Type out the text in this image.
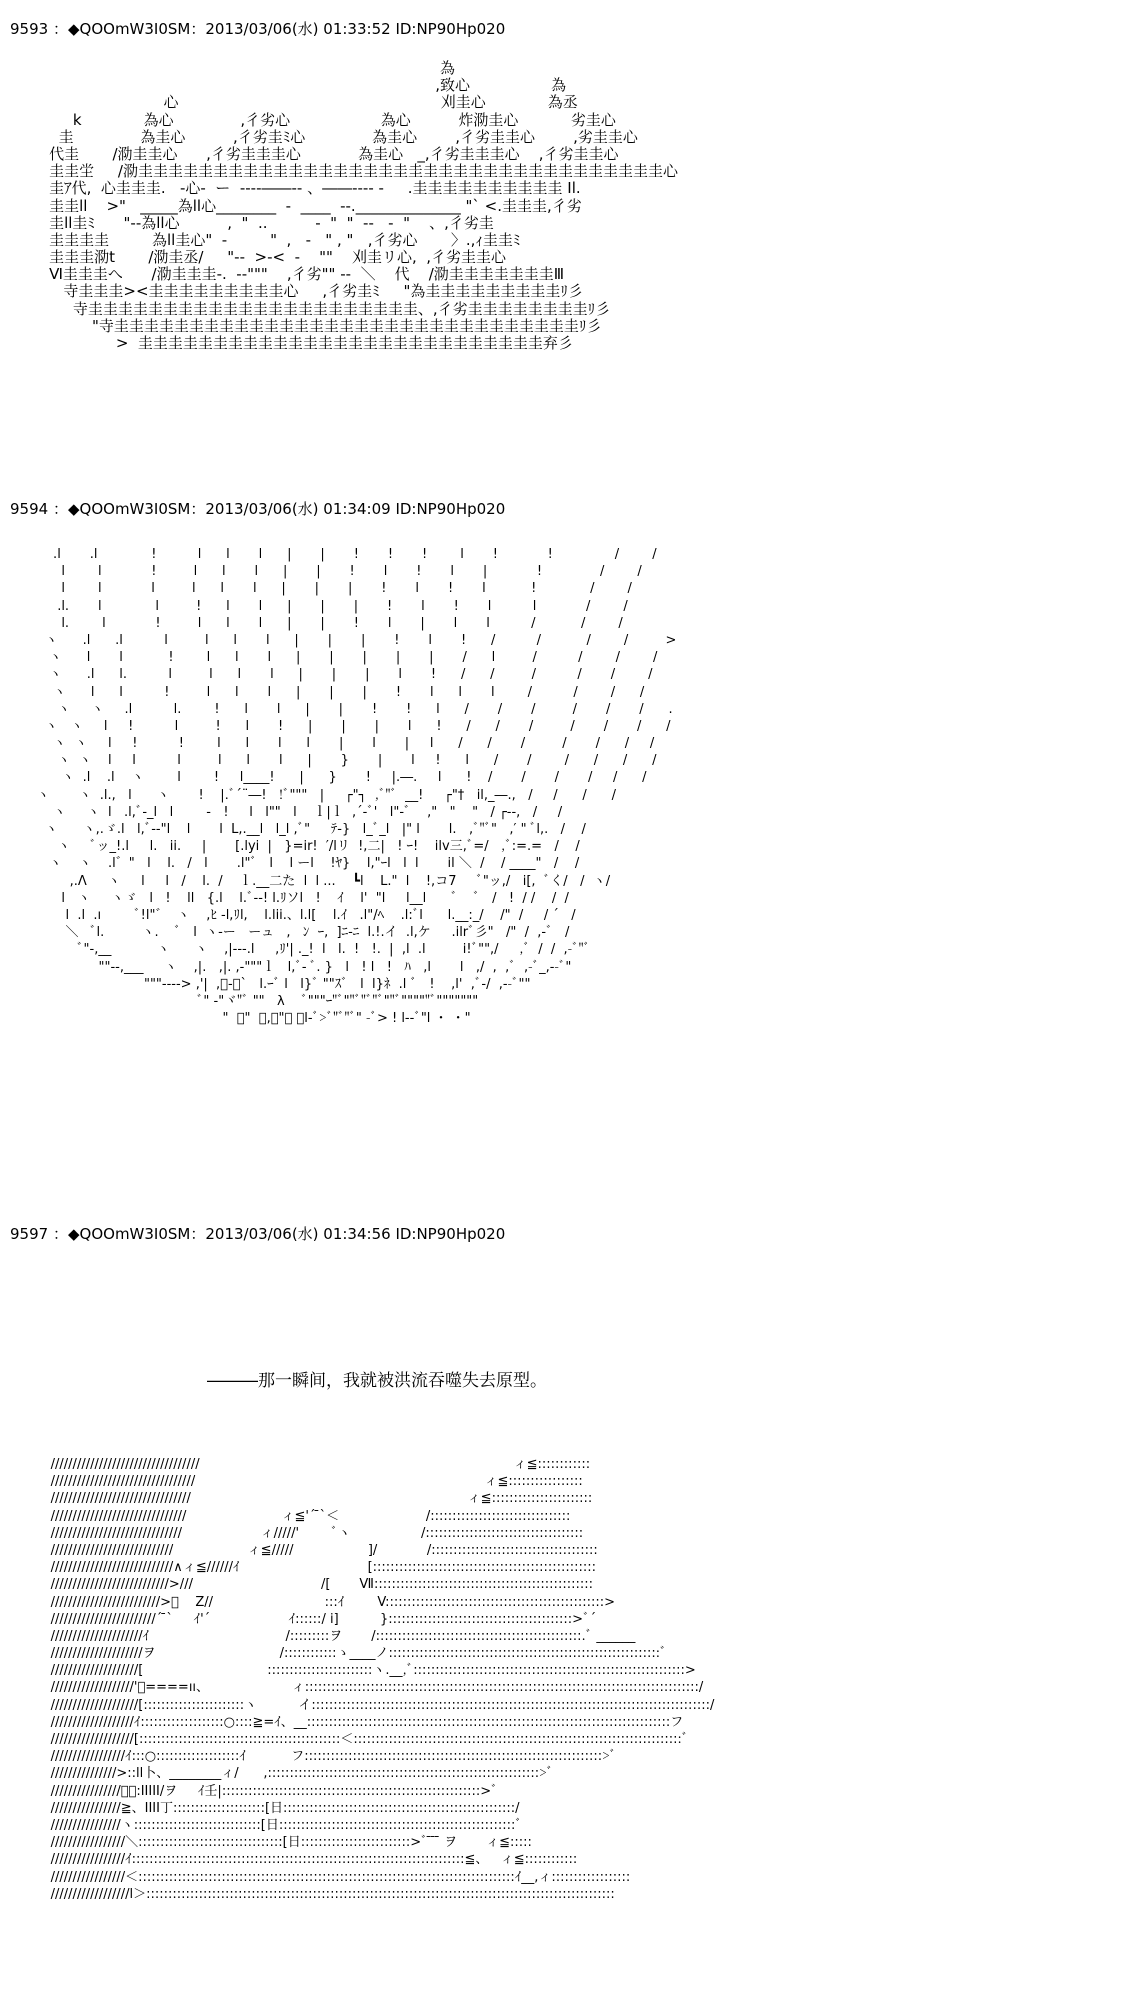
9593 ：◆QOOmW3I0SM：2013/03/06(水) 01:33:52 ID:NP90Hp020
為
,致心                 為
心                                                       刈圭心             為丞
k             為心              ,彳劣心                   為心          炸泐圭心           劣圭心
圭              為圭心          ,彳劣圭ﾐ心              為圭心        ,彳劣圭圭心        ,劣圭圭心
代圭       /泐圭圭心      ,彳劣圭圭圭心            為圭心   _,彳劣圭圭圭心    ,彳劣圭圭心
圭圭坣     /泐圭圭圭圭圭圭圭圭圭圭圭圭圭圭圭圭圭圭圭圭圭圭圭圭圭圭圭圭圭圭圭圭圭圭圭心
圭ｱ代,  心圭圭圭.   -心-  ー  ----――-- 、――---- -     .圭圭圭圭圭圭圭圭圭圭 Il.
圭圭ll    >"   _____為ll心________  -  ____  --.______________ "` <.圭圭圭,彳劣
圭ll圭ﾐ      "--為ll心          ,  "  ..          -  "  "  --   -  "    、,彳劣圭
圭圭圭圭         為ll圭心"  -         "  ,   -   " , "   ,彳劣心       〉.,ｨ圭圭ﾐ
圭圭圭泐t       /泐圭丞/     "--  >-<  -    ""    刈圭リ心,  ,彳劣圭圭心
Ⅵ圭圭圭へ      /泐圭圭圭-.  --"""    ,彳劣"" --  ＼    代    /泐圭圭圭圭圭圭圭Ⅲ
寺圭圭圭><圭圭圭圭圭圭圭圭圭心     ,彳劣圭ﾐ     "為圭圭圭圭圭圭圭圭圭ﾘ彡
寺圭圭圭圭圭圭圭圭圭圭圭圭圭圭圭圭圭圭圭圭圭圭、,彳劣圭圭圭圭圭圭圭圭ﾘ彡
"寺圭圭圭圭圭圭圭圭圭圭圭圭圭圭圭圭圭圭圭圭圭圭圭圭圭圭圭圭圭圭圭ﾘ彡
>  圭圭圭圭圭圭圭圭圭圭圭圭圭圭圭圭圭圭圭圭圭圭圭圭圭圭圭弃彡
9594 ：◆QOOmW3I0SM：2013/03/06(水) 01:34:09 ID:NP90Hp020
.l       .l             !          l      l       l      |       |       !       !       !        l       !            !               /        /
l        l            !         l      l       l      |       |       !       l       !       l       |            !              /        /
l        l            l         l      l       l      |       |       |       !       l       !       l           !             /        /
.l.       l             l         !      l       l      |       |       |       !       l       !       l          l            /        /
l.        l            !         l      l       l      |       |       !       l       |       l       l          /           /        /
ヽ      .l      .l          l         l      l       l      |       |       |       !       l       !      /          /           /        /         >
ヽ      l       l           !        l      l       l      |       |       |       |       |       /      l         /          /        /        /
ヽ      .l      l.          l         l      l       l      |       |       |       l       !      /      /         /          /       /        /
ヽ      l      l          !         l      l       l      |       |       |       !       l      l       l        /          /        /      /
ヽ     ヽ     .l          l.        !      l       l      |       |       !       !      l      /       /       /         /       /       /      .
ヽ   ヽ     l     !          l         !      l       !      |       |       |       l      !      /      /       /         /       /       /      /
ヽ  ヽ     l     !          !        l      l       l      l       |       l       |     l      /      /       /         /       /      /     /
ヽ  ヽ    l     l          l         l      l       l      |       }       |       l     !      l      /       /        /      /      /      /
ヽ  .l    .l    ヽ        l        !     l____!      |      }       !     |.―.     l      !    /       /       /       /     /      /
ヽ       ヽ  .l.,   l      ヽ       !    |.ﾞ´¨―!   !ﾞ"""   |     ┌"┐  ,ﾞ"ﾞ  __!     ┌"†   il,_―.,   /     /      /      /
ヽ     ヽ  l   .l,ﾞ-_l   l        ‐   !     l   l""   l    ｌ|ｌ  ,´-ﾞ'   l"-ﾞ    ,"   "    "   / ┌--,   /     /
ヽ      ヽ,.ゞ.l   l,ﾞ-‐"l    l       l  L,.__l   l_l ,ﾞ"     ﾃ-}   l_ﾞ_l   |" l       l.   ,ﾞ"ﾞ"   ,′ " ﾞl,.   /    /
ヽ     ﾞッ_!.l     l.   ii.     |       [.lyi  |   }=ir!  ′/lリ  !,二|   ! ｰ!    ilv三,ﾞ=/   ,ﾞ:=.=   /    /
ヽ    ヽ    .l゛"   l    l.   /   l       .l"ﾞ   l    l ーl    !ﾔ}    l,"ｰl   l  l       il ＼  /    / ____"   /    /
,.Λ     ヽ     l     l   /    l.  /    ｌ.__二た  l  l ...    ┗l    L."  l    !,コ7     ﾞ"ッ,/   i[,  ﾞく/   /  ヽ/
l   ヽ     ヽゞ   l   !    ll   {.l    l.ﾞ‐-! l.ﾘソl   !    ｲ    l'  "l     l__l      ﾞ    ﾞ   /   !  / /    /  /
l  .l  .ı        ﾞ!l"゛  ヽ    ,ﾋ ‐l,ﾘl,    l.lii.、l.l[    l.ｲ   .l"/ﾍ    .l:ﾞl      l.__:_/    /"  /     / ´   /
＼   ﾞl.         ヽ.    ﾞ   l  ヽ-ー   ーュ   ,   ﾝ  ｰ,  ]ﾆ-ﾆ  l.!.イ  .l,ケ     .ilrﾞ彡"   /"  /  ,-ﾞ   /
ﾞ"-,__           ヽ      ヽ    ,|--‐.l     ,ﾘ'| ._!  l   l.  !   !.  |  ,l  .l         i!ﾞ"",/     ,ﾞ  /  /  ,-ﾞ"ﾞ
""--,___     ヽ    ,|.   ,|. ,-"""ｌ   l,ﾞ- ﾞ. }   l   ! l   !   ﾊ   ,l       l   ,/  ,  ,ﾞ  ,-ﾞ_,--ﾞ"
"""---‐> ,'|  ,ﾞ-ー`   l.ｰﾞ l   l}ﾞ ""ｽﾞ   l  l}ﾈ  .l ﾞ   !    ,l'  ,ﾞ-/  ,--ﾞ""
ﾞ" ‐"ヾ"ﾞ ""   λ    ﾞ"""ｰ"ﾞ""ﾞ"ﾞ"ﾞ""ﾞ"""""ﾞ"""""""
"  ﾞ"  ﾞ,ﾞ"ﾞ ﾞl-ﾞ>ﾞ"ﾞ"ﾞ" -ﾞ> ! l--ﾞ"l ・ ・"
9597 ：◆QOOmW3I0SM：2013/03/06(水) 01:34:56 ID:NP90Hp020
―――那一瞬间，我就被洪流吞噬失去原型。
//////////////////////////////////                                                                            ィ≦::::::::::::
/////////////////////////////////                                                                      ィ≦:::::::::::::::::
////////////////////////////////                                                                   ィ≦:::::::::::::::::::::::
///////////////////////////////                       ィ≦'´ ̄`＜                     /::::::::::::::::::::::::::::::::
//////////////////////////////                   ィ/////'        ﾞヽ                 /::::::::::::::::::::::::::::::::::::
////////////////////////////                  ィ≦/////                  ]/            /::::::::::::::::::::::::::::::::::::::
////////////////////////////∧ィ≦//////ｲ                               [:::::::::::::::::::::::::::::::::::::::::::::::::::
///////////////////////////>///                               /[       Ⅶ::::::::::::::::::::::::::::::::::::::::::::::::::
/////////////////////////>ﾞ    Z//                           :::ｲ        V::::::::::::::::::::::::::::::::::::::::::::::::::>
////////////////////////´ ̄`     ｲ'´                   ｲ::::::/ i]          }::::::::::::::::::::::::::::::::::::::::::>ﾞ´
/////////////////////ｲ                                 /:::::::::ヲ       /:::::::::::::::::::::::::::::::::::::::::::::::.ﾞ ______
/////////////////////ヲ                              /::::::::::::ゝ____ノ::::::::::::::::::::::::::::::::::::::::::::::::::::::::::::::ﾞ
////////////////////[                              ::::::::::::::::::::::::ヽ.__,ﾞ::::::::::::::::::::::::::::::::::::::::::::::::::::::::::::::>
///////////////////'ﾞ====ıı、                    ィ::::::::::::::::::::::::::::::::::::::::::::::::::::::::::::::::::::::::::::::::::::::::::/
////////////////////[:::::::::::::::::::::::ヽ          イ:::::::::::::::::::::::::::::::::::::::::::::::::::::::::::::::::::::::::::::::::::::::::::/
///////////////////ｲ:::::::::::::::::::○::::≧=ｲ、__:::::::::::::::::::::::::::::::::::::::::::::::::::::::::::::::::::::::::::::::::::フ
///////////////////[::::::::::::::::::::::::::::::::::::::::::::::＜:::::::::::::::::::::::::::::::::::::::::::::::::::::::::::::::::::::::::::ﾞ
/////////////////ｲ:::○:::::::::::::::::::ｲ           フ::::::::::::::::::::::::::::::::::::::::::::::::::::::::::::::::::::>ﾞ
///////////////>::ll卜、________ィ/      ,::::::::::::::::::::::::::::::::::::::::::::::::::::::::::::::>ﾞ
////////////////ﾞ、:IIIII/ヲ     ｲ壬|:::::::::::::::::::::::::::::::::::::::::::::::::::::::::::>ﾞ
////////////////≧、IIII丁:::::::::::::::::::::[日:::::::::::::::::::::::::::::::::::::::::::::::::::::/
////////////////ヽ:::::::::::::::::::::::::::::[日::::::::::::::::::::::::::::::::::::::::::::::::::::::ﾞ
/////////////////＼:::::::::::::::::::::::::::::::::[日:::::::::::::::::::::::::>ﾞ ̄ ̄ ̄ ヲ       ィ≦:::::
/////////////////ｲ::::::::::::::::::::::::::::::::::::::::::::::::::::::::::::::::::::::::::::≦、   ィ≦::::::::::::
/////////////////＜::::::::::::::::::::::::::::::::::::::::::::::::::::::::::::::::::::::::::::::::::::::ｲ__,ィ::::::::::::::::::
//////////////////l＞:::::::::::::::::::::::::::::::::::::::::::::::::::::::::::::::::::::::::::::::::::::::::::::::::::::::::::
